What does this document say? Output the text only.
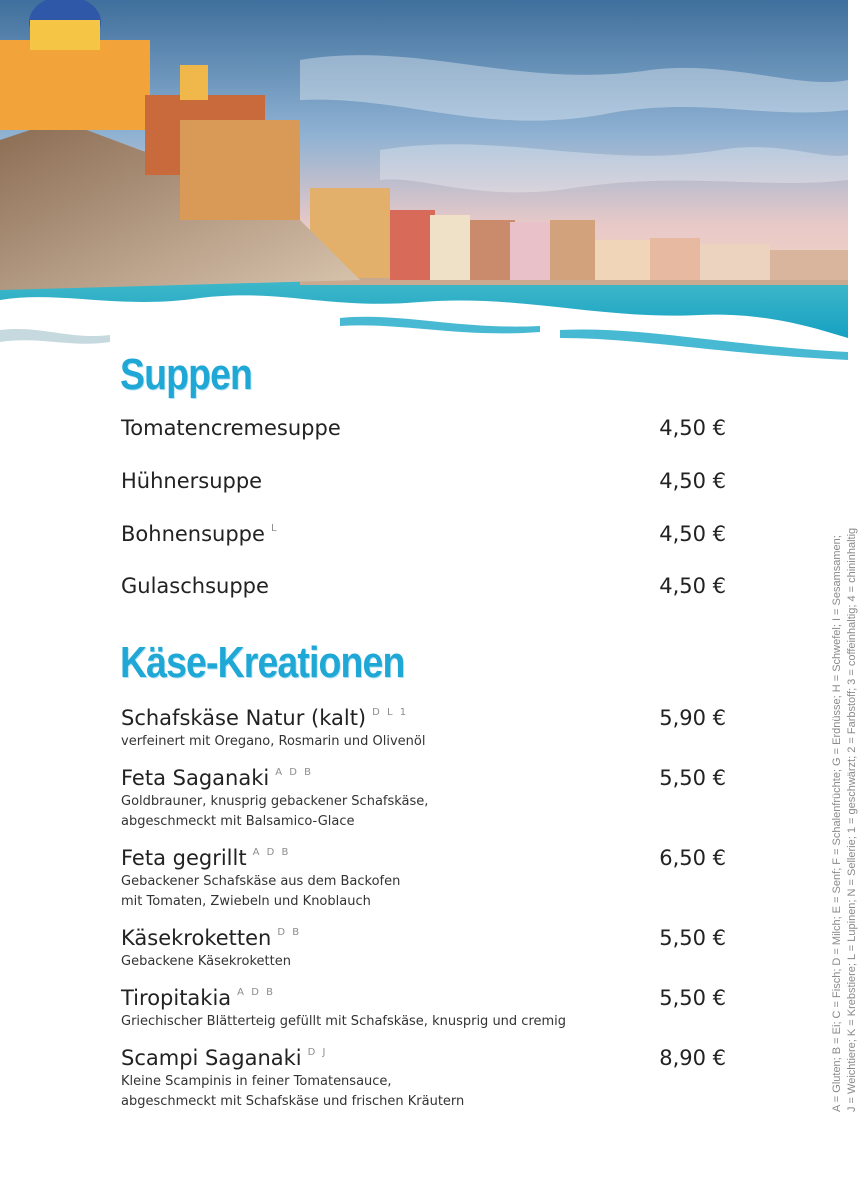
Suppen
Tomatencremesuppe	4,50 €
Hühnersuppe	4,50 €
Bohnensuppe $^L$	4,50 €
Gulaschsuppe	4,50 €
Käse-Kreationen
Schafskäse Natur (kalt) $^{D L 1}$	5,90 €
verfeinert mit Oregano, Rosmarin und Olivenöl
Feta Saganaki $^{A D B}$	5,50 €
Goldbrauner, knusprig gebackener Schafskäse,
abgeschmeckt mit Balsamico-Glace
Feta gegrillt $^{A D B}$	6,50 €
Gebackener Schafskäse aus dem Backofen
mit Tomaten, Zwiebeln und Knoblauch
Käsekroketten $^{D B}$	5,50 €
Gebackene Käsekroketten
Tiropitakia $^{A D B}$	5,50 €
Griechischer Blätterteig gefüllt mit Schafskäse, knusprig und cremig
Scampi Saganaki $^{D J}$	8,90 €
Kleine Scampinis in feiner Tomatensauce,
abgeschmeckt mit Schafskäse und frischen Kräutern	A = Gluten; B = Ei; C = Fisch; D = Milch; E = Senf; F = Schalenfrüchte; G = Erdnüsse; H = Schwefel; I = Sesamsamen; J = Weichtiere; K = Krebstiere; L = Lupinen; N = Sellerie; 1 = geschwärzt; 2 = Farbstoff; 3 = coffeinhaltig; 4 = chininhaltig
